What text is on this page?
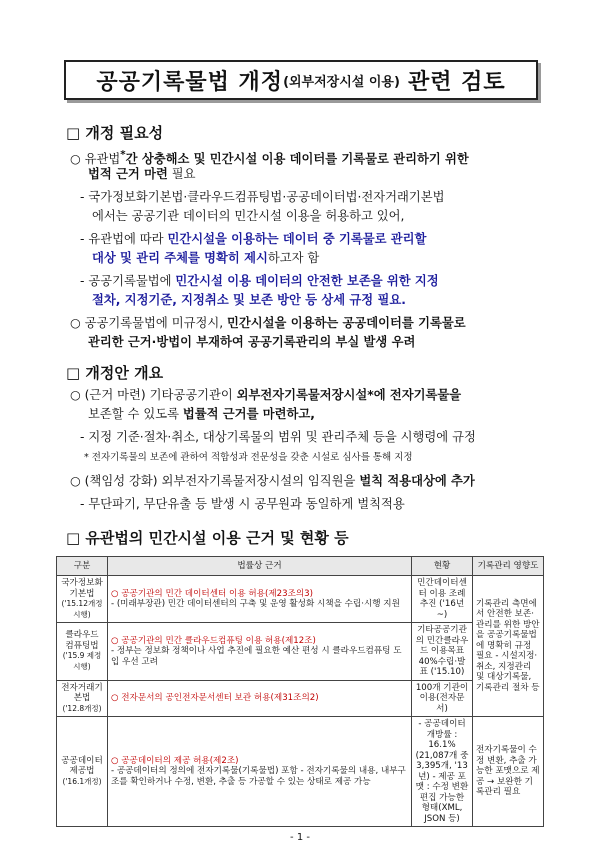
공공기록물법 개정 (외부저장시설 이용) 관련 검토
□ 개정 필요성
○ 유관법*간 상충해소 및 민간시설 이용 데이터를 기록물로 관리하기 위한
법적 근거 마련 필요
- 국가정보화기본법·클라우드컴퓨팅법·공공데이터법·전자거래기본법
에서는 공공기관 데이터의 민간시설 이용을 허용하고 있어,
- 유관법에 따라 민간시설을 이용하는 데이터 중 기록물로 관리할
대상 및 관리 주체를 명확히 제시하고자 함
- 공공기록물법에 민간시설 이용 데이터의 안전한 보존을 위한 지정
절차, 지정기준, 지정취소 및 보존 방안 등 상세 규정 필요.
○ 공공기록물법에 미규정시, 민간시설을 이용하는 공공데이터를 기록물로
관리한 근거·방법이 부재하여 공공기록관리의 부실 발생 우려
□ 개정안 개요
○ (근거 마련) 기타공공기관이 외부전자기록물저장시설*에 전자기록물을
보존할 수 있도록 법률적 근거를 마련하고,
- 지정 기준·절차·취소, 대상기록물의 범위 및 관리주체 등을 시행령에 규정
* 전자기록물의 보존에 관하여 적합성과 전문성을 갖춘 시설로 심사를 통해 지정
○ (책임성 강화) 외부전자기록물저장시설의 임직원을 벌칙 적용대상에 추가
- 무단파기, 무단유출 등 발생 시 공무원과 동일하게 벌칙적용
□ 유관법의 민간시설 이용 근거 및 현황 등
구분	법률상 근거	현황	기록관리 영향도
국가정보화기본법
('15.12개정시행)	○ 공공기관의 민간 데이터센터 이용 허용(제23조의3)
- (미래부장관) 민간 데이터센터의 구축 및 운영 활성화 시책을 수립·시행 지원	민간데이터센터 이용 조례 추진 ('16년~)	기록관리 측면에서 안전한 보존·관리를 위한 방안을 공공기록물법에 명확히 규정 필요 - 시설지정·취소, 지정관리 및 대상기록물, 기록관리 절차 등
클라우드 컴퓨팅법
('15.9 제정시행)	○ 공공기관의 민간 클라우드컴퓨팅 이용 허용(제12조)
- 정부는 정보화 정책이나 사업 추진에 필요한 예산 편성 시 클라우드컴퓨팅 도입 우선 고려	기타공공기관의 민간클라우드 이용목표 40%수립·발표 ('15.10)	
전자거래기본법
('12.8개정)	○ 전자문서의 공인전자문서센터 보관 허용(제31조의2)	100개 기관이 이용(전자문서)	
공공데이터 제공법
('16.1개정)	○ 공공데이터의 제공 허용(제2조)
- 공공데이터의 정의에 전자기록물(기록물법) 포함 - 전자기록물의 내용, 내부구조를 확인하거나 수정, 변환, 추출 등 가공할 수 있는 상태로 제공 가능	- 공공데이터 개방률 : 16.1% (21,087개 중 3,395개, '13년) - 제공 포맷 : 수정 변환 편집 가능한 형태(XML, JSON 등)	전자기록물이 수정 변환, 추출 가능한 포맷으로 제공 → 보완한 기록관리 필요
- 1 -
